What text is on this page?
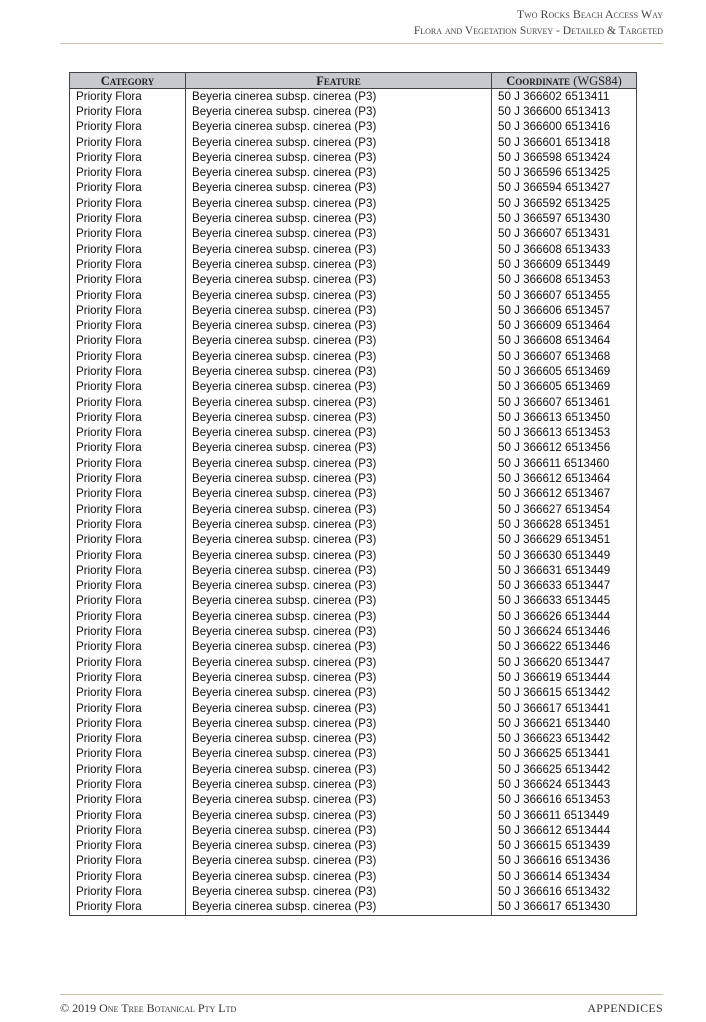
Two Rocks Beach Access Way
Flora and Vegetation Survey - Detailed & Targeted
Category	Feature	Coordinate (WGS84)
Priority Flora	Beyeria cinerea subsp. cinerea (P3)	50 J 366602 6513411
Priority Flora	Beyeria cinerea subsp. cinerea (P3)	50 J 366600 6513413
Priority Flora	Beyeria cinerea subsp. cinerea (P3)	50 J 366600 6513416
Priority Flora	Beyeria cinerea subsp. cinerea (P3)	50 J 366601 6513418
Priority Flora	Beyeria cinerea subsp. cinerea (P3)	50 J 366598 6513424
Priority Flora	Beyeria cinerea subsp. cinerea (P3)	50 J 366596 6513425
Priority Flora	Beyeria cinerea subsp. cinerea (P3)	50 J 366594 6513427
Priority Flora	Beyeria cinerea subsp. cinerea (P3)	50 J 366592 6513425
Priority Flora	Beyeria cinerea subsp. cinerea (P3)	50 J 366597 6513430
Priority Flora	Beyeria cinerea subsp. cinerea (P3)	50 J 366607 6513431
Priority Flora	Beyeria cinerea subsp. cinerea (P3)	50 J 366608 6513433
Priority Flora	Beyeria cinerea subsp. cinerea (P3)	50 J 366609 6513449
Priority Flora	Beyeria cinerea subsp. cinerea (P3)	50 J 366608 6513453
Priority Flora	Beyeria cinerea subsp. cinerea (P3)	50 J 366607 6513455
Priority Flora	Beyeria cinerea subsp. cinerea (P3)	50 J 366606 6513457
Priority Flora	Beyeria cinerea subsp. cinerea (P3)	50 J 366609 6513464
Priority Flora	Beyeria cinerea subsp. cinerea (P3)	50 J 366608 6513464
Priority Flora	Beyeria cinerea subsp. cinerea (P3)	50 J 366607 6513468
Priority Flora	Beyeria cinerea subsp. cinerea (P3)	50 J 366605 6513469
Priority Flora	Beyeria cinerea subsp. cinerea (P3)	50 J 366605 6513469
Priority Flora	Beyeria cinerea subsp. cinerea (P3)	50 J 366607 6513461
Priority Flora	Beyeria cinerea subsp. cinerea (P3)	50 J 366613 6513450
Priority Flora	Beyeria cinerea subsp. cinerea (P3)	50 J 366613 6513453
Priority Flora	Beyeria cinerea subsp. cinerea (P3)	50 J 366612 6513456
Priority Flora	Beyeria cinerea subsp. cinerea (P3)	50 J 366611 6513460
Priority Flora	Beyeria cinerea subsp. cinerea (P3)	50 J 366612 6513464
Priority Flora	Beyeria cinerea subsp. cinerea (P3)	50 J 366612 6513467
Priority Flora	Beyeria cinerea subsp. cinerea (P3)	50 J 366627 6513454
Priority Flora	Beyeria cinerea subsp. cinerea (P3)	50 J 366628 6513451
Priority Flora	Beyeria cinerea subsp. cinerea (P3)	50 J 366629 6513451
Priority Flora	Beyeria cinerea subsp. cinerea (P3)	50 J 366630 6513449
Priority Flora	Beyeria cinerea subsp. cinerea (P3)	50 J 366631 6513449
Priority Flora	Beyeria cinerea subsp. cinerea (P3)	50 J 366633 6513447
Priority Flora	Beyeria cinerea subsp. cinerea (P3)	50 J 366633 6513445
Priority Flora	Beyeria cinerea subsp. cinerea (P3)	50 J 366626 6513444
Priority Flora	Beyeria cinerea subsp. cinerea (P3)	50 J 366624 6513446
Priority Flora	Beyeria cinerea subsp. cinerea (P3)	50 J 366622 6513446
Priority Flora	Beyeria cinerea subsp. cinerea (P3)	50 J 366620 6513447
Priority Flora	Beyeria cinerea subsp. cinerea (P3)	50 J 366619 6513444
Priority Flora	Beyeria cinerea subsp. cinerea (P3)	50 J 366615 6513442
Priority Flora	Beyeria cinerea subsp. cinerea (P3)	50 J 366617 6513441
Priority Flora	Beyeria cinerea subsp. cinerea (P3)	50 J 366621 6513440
Priority Flora	Beyeria cinerea subsp. cinerea (P3)	50 J 366623 6513442
Priority Flora	Beyeria cinerea subsp. cinerea (P3)	50 J 366625 6513441
Priority Flora	Beyeria cinerea subsp. cinerea (P3)	50 J 366625 6513442
Priority Flora	Beyeria cinerea subsp. cinerea (P3)	50 J 366624 6513443
Priority Flora	Beyeria cinerea subsp. cinerea (P3)	50 J 366616 6513453
Priority Flora	Beyeria cinerea subsp. cinerea (P3)	50 J 366611 6513449
Priority Flora	Beyeria cinerea subsp. cinerea (P3)	50 J 366612 6513444
Priority Flora	Beyeria cinerea subsp. cinerea (P3)	50 J 366615 6513439
Priority Flora	Beyeria cinerea subsp. cinerea (P3)	50 J 366616 6513436
Priority Flora	Beyeria cinerea subsp. cinerea (P3)	50 J 366614 6513434
Priority Flora	Beyeria cinerea subsp. cinerea (P3)	50 J 366616 6513432
Priority Flora	Beyeria cinerea subsp. cinerea (P3)	50 J 366617 6513430
© 2019 One Tree Botanical Pty Ltd	APPENDICES
